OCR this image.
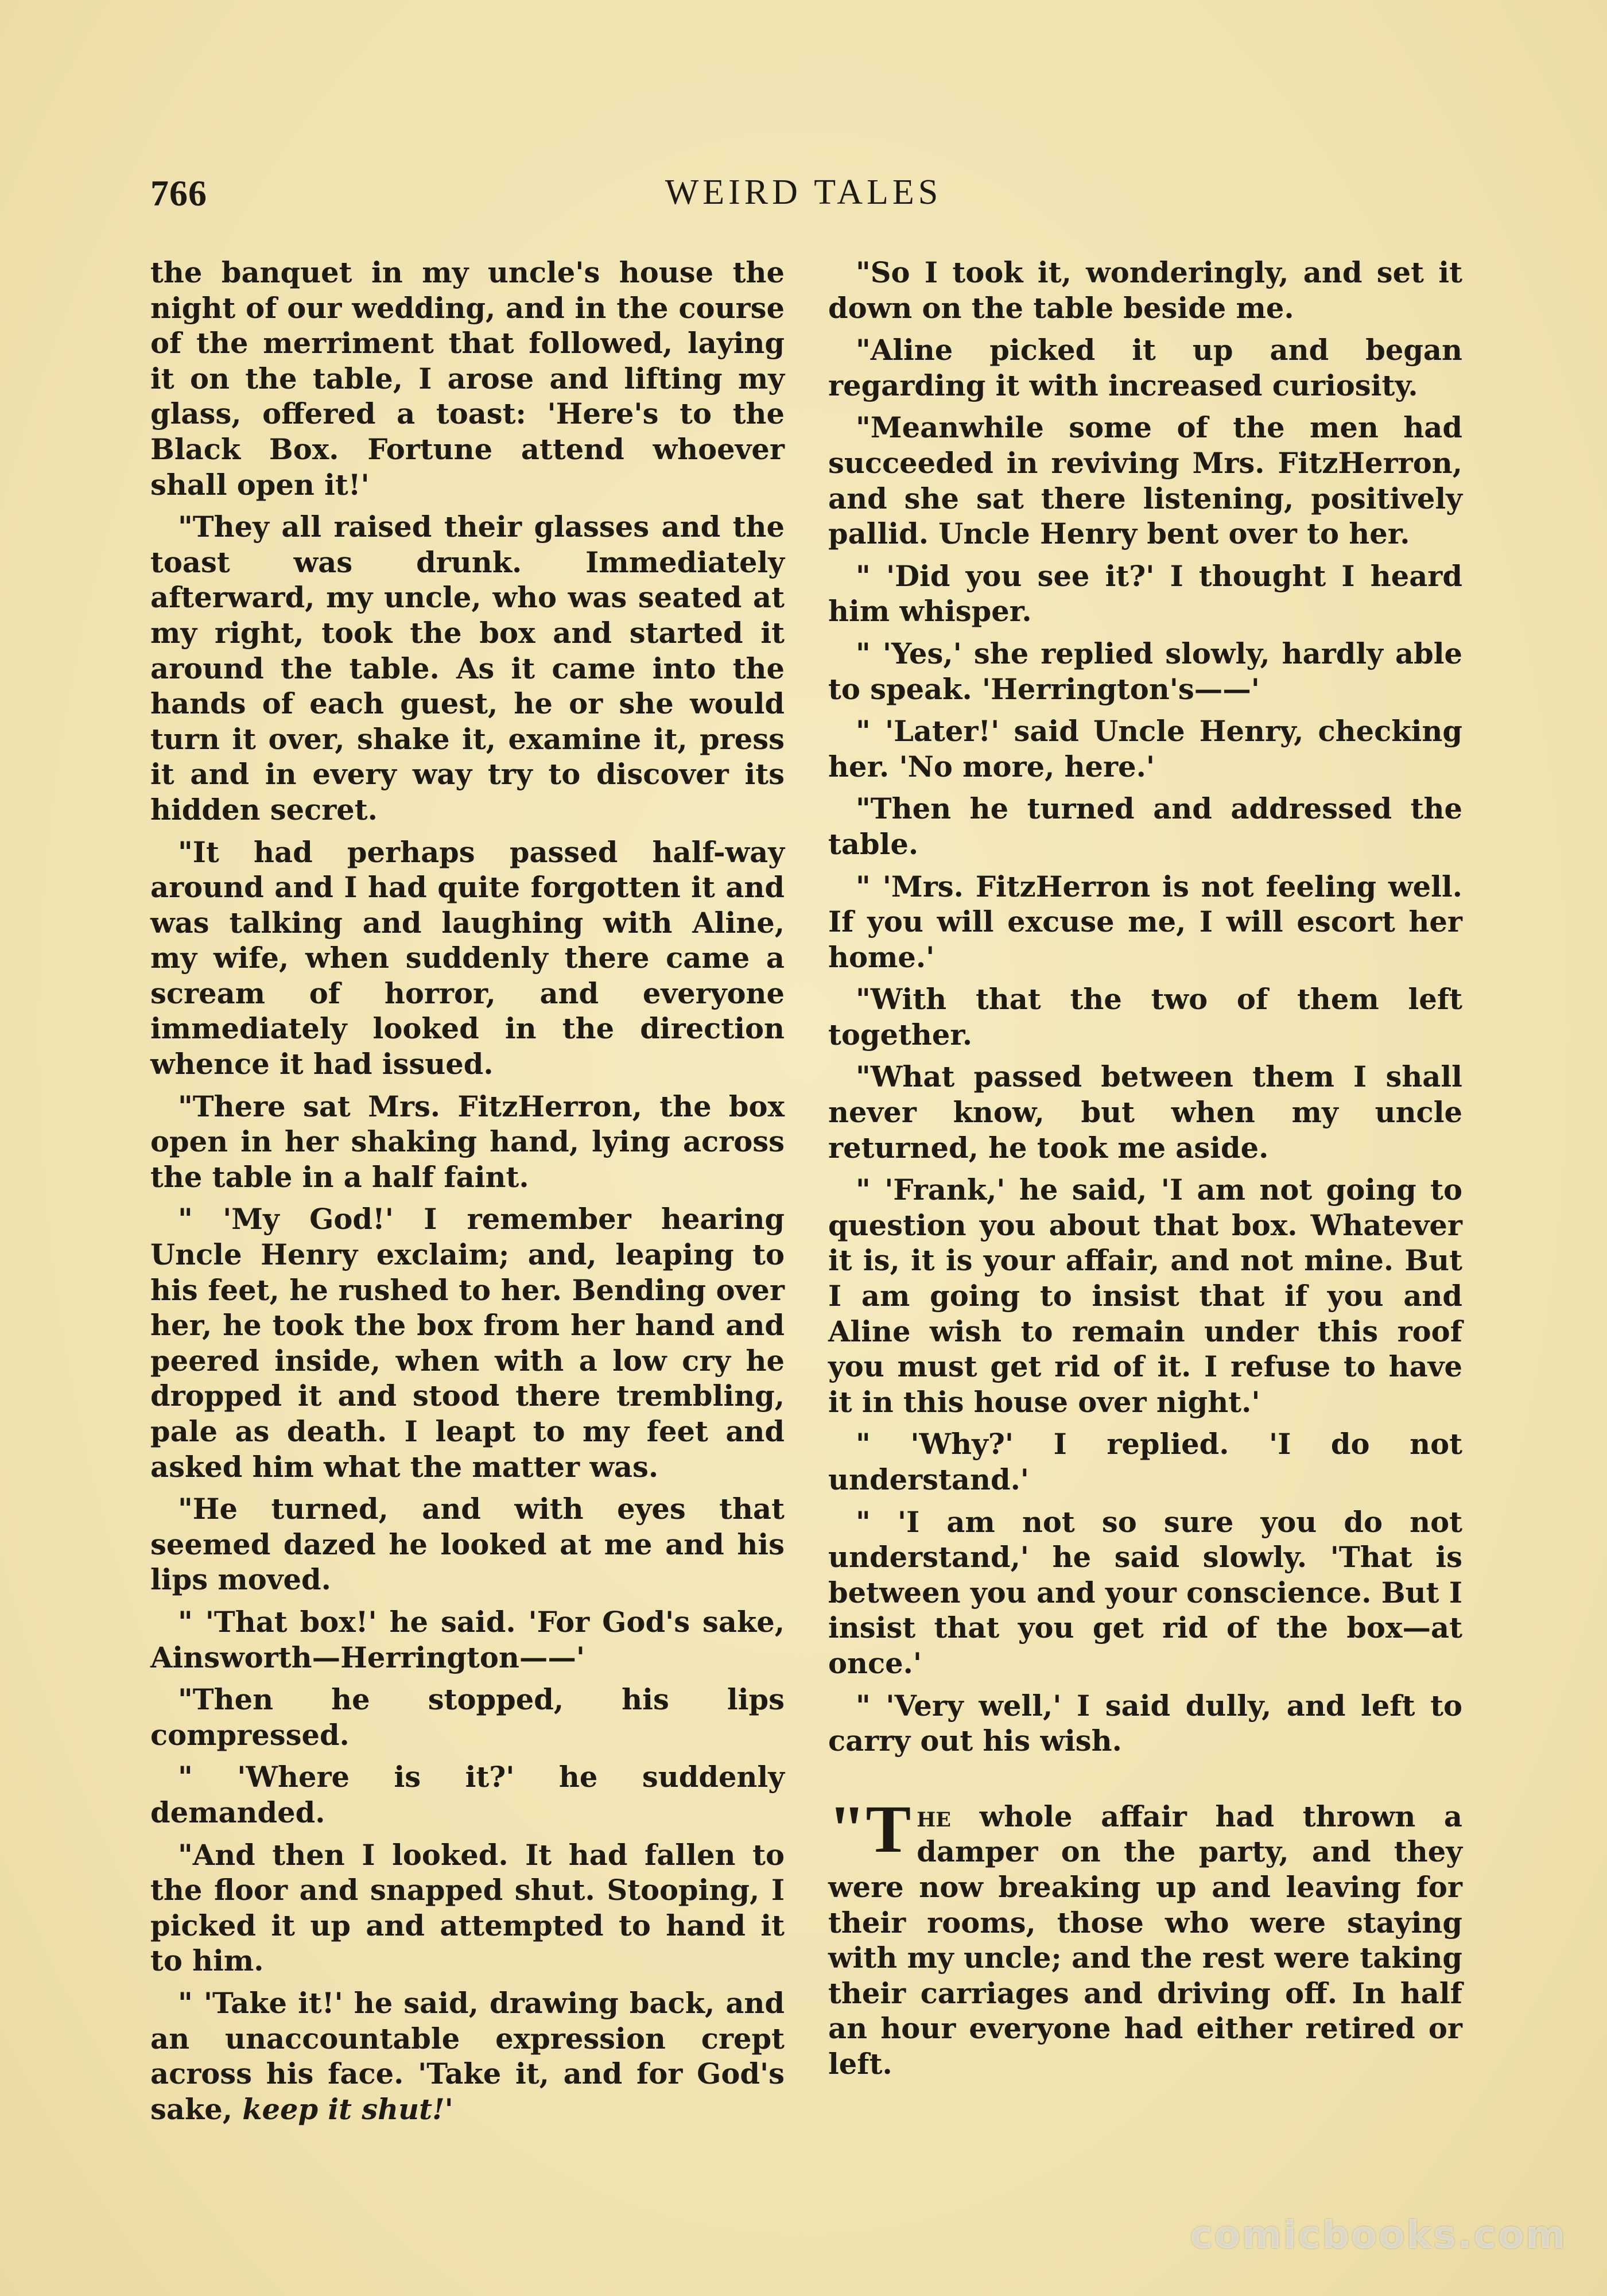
766	WEIRD TALES

the banquet in my uncle's house the night of our wedding, and in the course of the merriment that followed, laying it on the table, I arose and lifting my glass, offered a toast: 'Here's to the Black Box. Fortune attend whoever shall open it!'

"They all raised their glasses and the toast was drunk. Immediately afterward, my uncle, who was seated at my right, took the box and started it around the table. As it came into the hands of each guest, he or she would turn it over, shake it, examine it, press it and in every way try to discover its hidden secret.

"It had perhaps passed half-way around and I had quite forgotten it and was talking and laughing with Aline, my wife, when suddenly there came a scream of horror, and everyone immediately looked in the direction whence it had issued.

"There sat Mrs. FitzHerron, the box open in her shaking hand, lying across the table in a half faint.

" 'My God!' I remember hearing Uncle Henry exclaim; and, leaping to his feet, he rushed to her. Bending over her, he took the box from her hand and peered inside, when with a low cry he dropped it and stood there trembling, pale as death. I leapt to my feet and asked him what the matter was.

"He turned, and with eyes that seemed dazed he looked at me and his lips moved.

" 'That box!' he said. 'For God's sake, Ainsworth—Herrington——'

"Then he stopped, his lips compressed.

" 'Where is it?' he suddenly demanded.

"And then I looked. It had fallen to the floor and snapped shut. Stooping, I picked it up and attempted to hand it to him.

" 'Take it!' he said, drawing back, and an unaccountable expression crept across his face. 'Take it, and for God's sake, keep it shut!'

"So I took it, wonderingly, and set it down on the table beside me.

"Aline picked it up and began regarding it with increased curiosity.

"Meanwhile some of the men had succeeded in reviving Mrs. FitzHerron, and she sat there listening, positively pallid. Uncle Henry bent over to her.

" 'Did you see it?' I thought I heard him whisper.

" 'Yes,' she replied slowly, hardly able to speak. 'Herrington's——'

" 'Later!' said Uncle Henry, checking her. 'No more, here.'

"Then he turned and addressed the table.

" 'Mrs. FitzHerron is not feeling well. If you will excuse me, I will escort her home.'

"With that the two of them left together.

"What passed between them I shall never know, but when my uncle returned, he took me aside.

" 'Frank,' he said, 'I am not going to question you about that box. Whatever it is, it is your affair, and not mine. But I am going to insist that if you and Aline wish to remain under this roof you must get rid of it. I refuse to have it in this house over night.'

" 'Why?' I replied. 'I do not understand.'

" 'I am not so sure you do not understand,' he said slowly. 'That is between you and your conscience. But I insist that you get rid of the box—at once.'

" 'Very well,' I said dully, and left to carry out his wish.

"T he whole affair had thrown a damper on the party, and they were now breaking up and leaving for their rooms, those who were staying with my uncle; and the rest were taking their carriages and driving off. In half an hour everyone had either retired or left.

comicbooks.com
